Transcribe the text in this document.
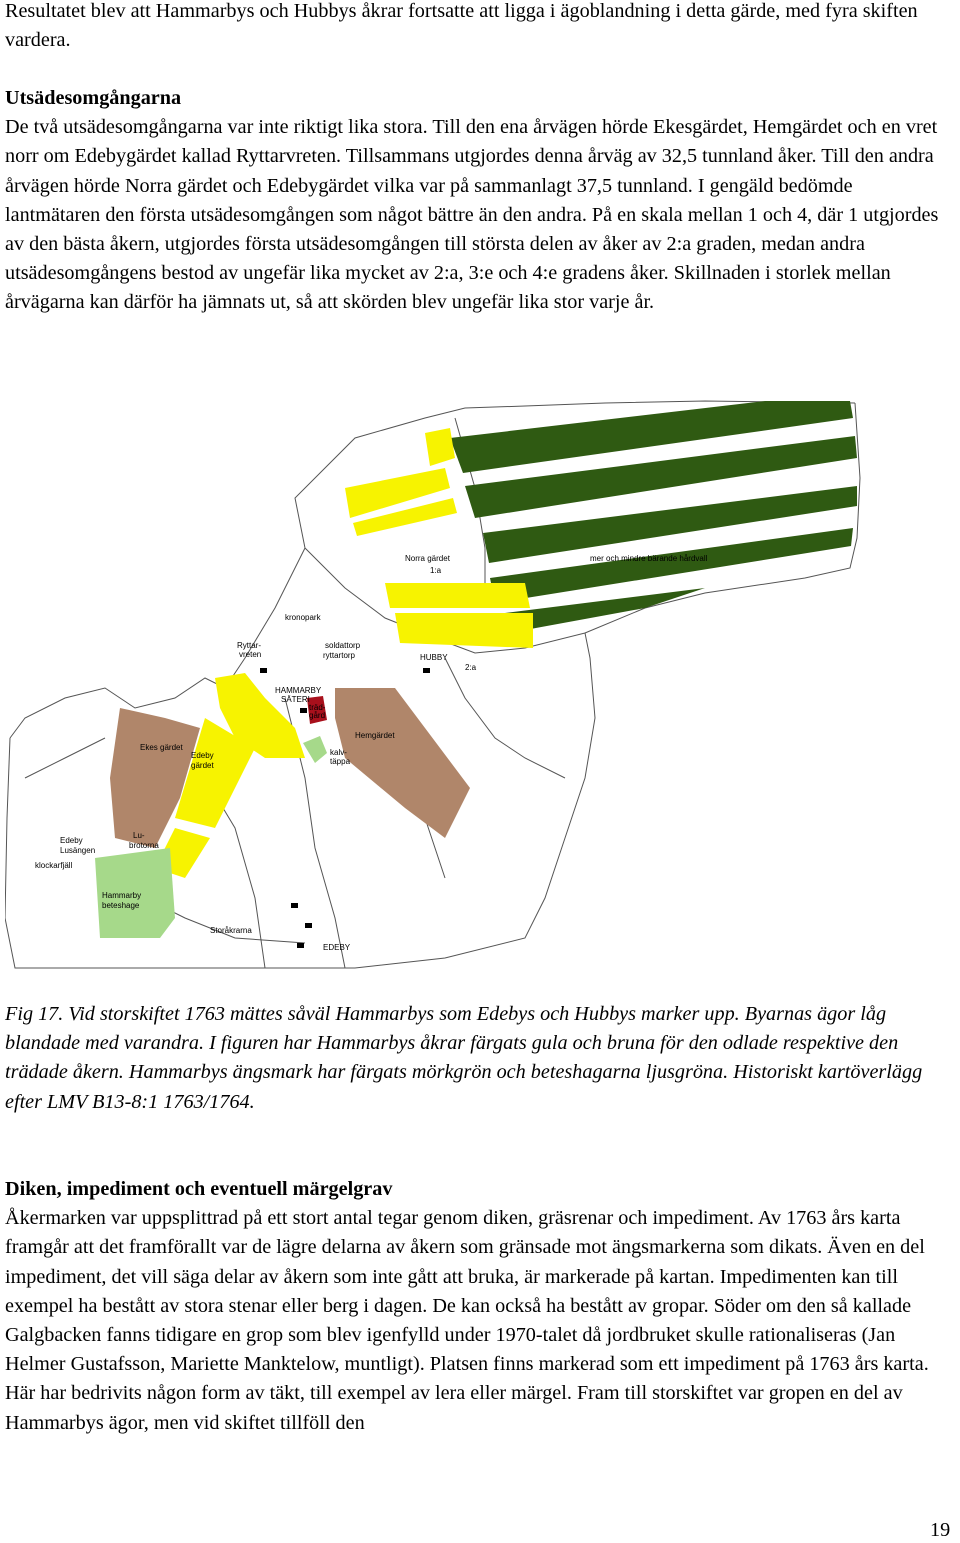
Resultatet blev att Hammarbys och Hubbys åkrar fortsatte att ligga i ägoblandning i detta gärde, med fyra skiften vardera.

Utsädesomgångarna

De två utsädesomgångarna var inte riktigt lika stora. Till den ena årvägen hörde Ekesgärdet, Hemgärdet och en vret norr om Edebygärdet kallad Ryttarvreten. Tillsammans utgjordes denna årväg av 32,5 tunnland åker. Till den andra årvägen hörde Norra gärdet och Edebygärdet vilka var på sammanlagt 37,5 tunnland. I gengäld bedömde lantmätaren den första utsädesomgången som något bättre än den andra. På en skala mellan 1 och 4, där 1 utgjordes av den bästa åkern, utgjordes första utsädesomgången till största delen av åker av 2:a graden, medan andra utsädesomgångens bestod av ungefär lika mycket av 2:a, 3:e och 4:e gradens åker. Skillnaden i storlek mellan årvägarna kan därför ha jämnats ut, så att skörden blev ungefär lika stor varje år.

Norra gärdet
1:a
mer och mindre bärande hårdvall
kronopark
soldattorp
ryttartorp	HUBBY
2:a
Ryttar-
vreten
HAMMARBY
SÄTERI
träd-
gård
Ekes gärdet
Edeby
gärdet
Hemgärdet
kalv-
täppa
Edeby
Lusängen
Lu-
brotorna
klockarfjäll
Hammarby
beteshage
Storåkrarna
EDEBY

Fig 17. Vid storskiftet 1763 mättes såväl Hammarbys som Edebys och Hubbys marker upp. Byarnas ägor låg blandade med varandra. I figuren har Hammarbys åkrar färgats gula och bruna för den odlade respektive den trädade åkern. Hammarbys ängsmark har färgats mörkgrön och beteshagarna ljusgröna. Historiskt kartöverlägg efter LMV B13-8:1 1763/1764.

Diken, impediment och eventuell märgelgrav

Åkermarken var uppsplittrad på ett stort antal tegar genom diken, gräsrenar och impediment. Av 1763 års karta framgår att det framförallt var de lägre delarna av åkern som gränsade mot ängsmarkerna som dikats. Även en del impediment, det vill säga delar av åkern som inte gått att bruka, är markerade på kartan. Impedimenten kan till exempel ha bestått av stora stenar eller berg i dagen. De kan också ha bestått av gropar. Söder om den så kallade Galgbacken fanns tidigare en grop som blev igenfylld under 1970-talet då jordbruket skulle rationaliseras (Jan Helmer Gustafsson, Mariette Manktelow, muntligt). Platsen finns markerad som ett impediment på 1763 års karta. Här har bedrivits någon form av täkt, till exempel av lera eller märgel. Fram till storskiftet var gropen en del av Hammarbys ägor, men vid skiftet tillföll den

19
